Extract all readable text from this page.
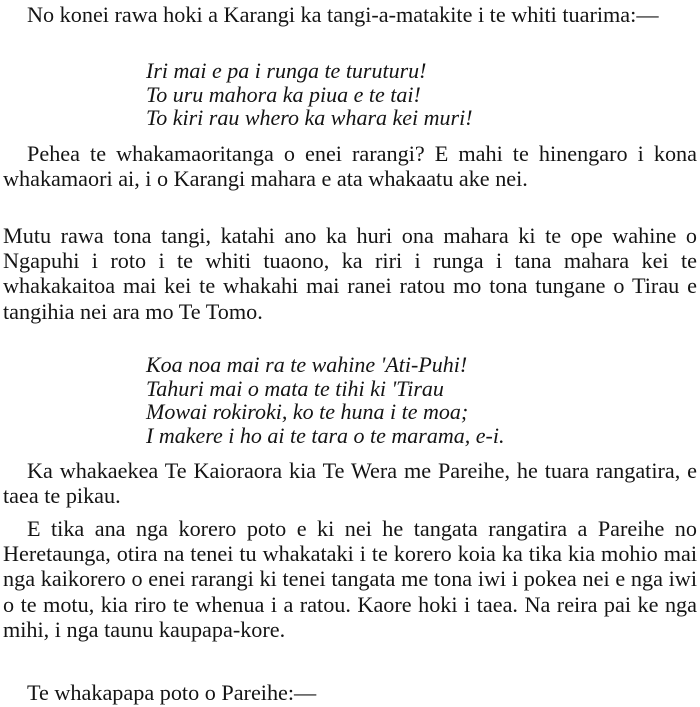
No konei rawa hoki a Karangi ka tangi-a-matakite i te whiti tuarima:—

Iri mai e pa i runga te turuturu!
To uru mahora ka piua e te tai!
To kiri rau whero ka whara kei muri!

Pehea te whakamaoritanga o enei rarangi? E mahi te hinengaro i kona whakamaori ai, i o Karangi mahara e ata whakaatu ake nei.

Mutu rawa tona tangi, katahi ano ka huri ona mahara ki te ope wahine o Ngapuhi i roto i te whiti tuaono, ka riri i runga i tana mahara kei te whakakaitoa mai kei te whakahi mai ranei ratou mo tona tungane o Tirau e tangihia nei ara mo Te Tomo.

Koa noa mai ra te wahine 'Ati-Puhi!
Tahuri mai o mata te tihi ki 'Tirau
Mowai rokiroki, ko te huna i te moa;
I makere i ho ai te tara o te marama, e-i.

Ka whakaekea Te Kaioraora kia Te Wera me Pareihe, he tuara rangatira, e taea te pikau.

E tika ana nga korero poto e ki nei he tangata rangatira a Pareihe no Heretaunga, otira na tenei tu whakataki i te korero koia ka tika kia mohio mai nga kaikorero o enei rarangi ki tenei tangata me tona iwi i pokea nei e nga iwi o te motu, kia riro te whenua i a ratou. Kaore hoki i taea. Na reira pai ke nga mihi, i nga taunu kaupapa-kore.

Te whakapapa poto o Pareihe:—
